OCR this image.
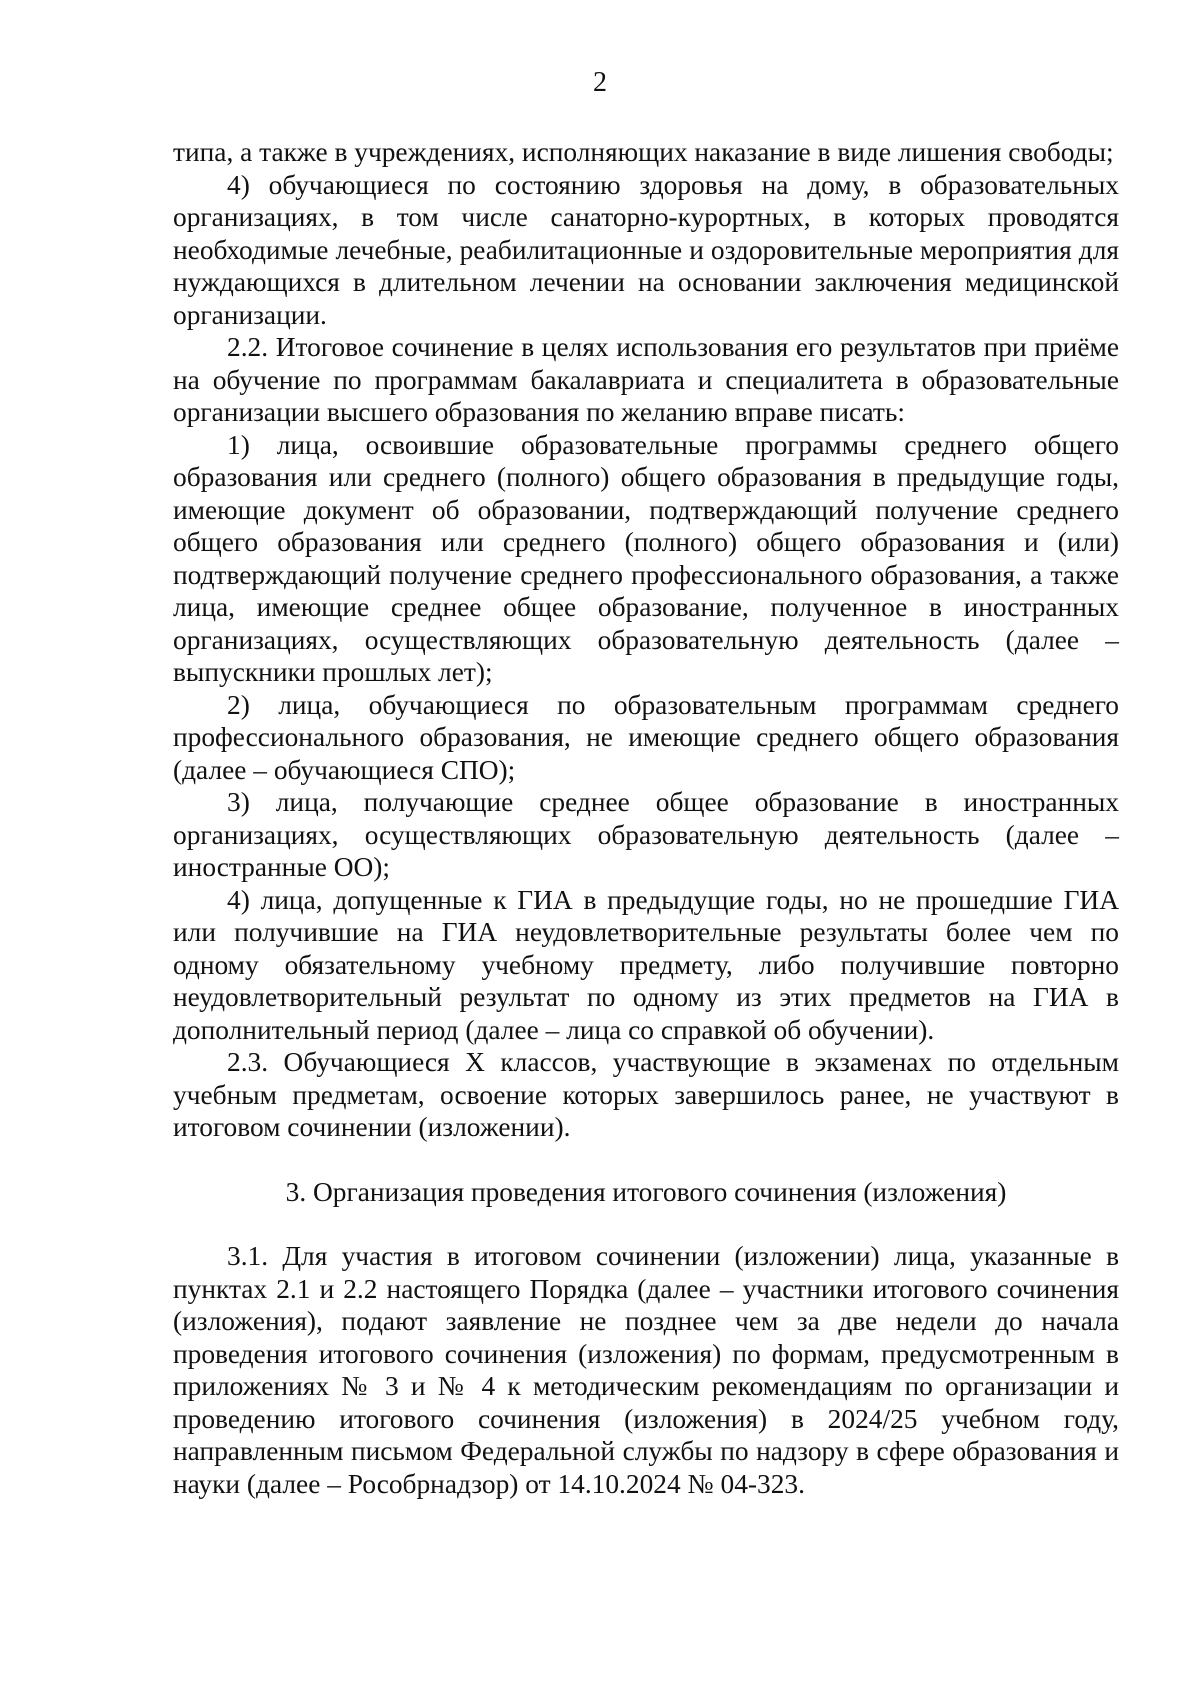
2

типа, а также в учреждениях, исполняющих наказание в виде лишения свободы;

4) обучающиеся по состоянию здоровья на дому, в образовательных организациях, в том числе санаторно-курортных, в которых проводятся необходимые лечебные, реабилитационные и оздоровительные мероприятия для нуждающихся в длительном лечении на основании заключения медицинской организации.

2.2. Итоговое сочинение в целях использования его результатов при приёме на обучение по программам бакалавриата и специалитета в образовательные организации высшего образования по желанию вправе писать:

1) лица, освоившие образовательные программы среднего общего образования или среднего (полного) общего образования в предыдущие годы, имеющие документ об образовании, подтверждающий получение среднего общего образования или среднего (полного) общего образования и (или) подтверждающий получение среднего профессионального образования, а также лица, имеющие среднее общее образование, полученное в иностранных организациях, осуществляющих образовательную деятельность (далее – выпускники прошлых лет);

2) лица, обучающиеся по образовательным программам среднего профессионального образования, не имеющие среднего общего образования (далее – обучающиеся СПО);

3) лица, получающие среднее общее образование в иностранных организациях, осуществляющих образовательную деятельность (далее – иностранные ОО);

4) лица, допущенные к ГИА в предыдущие годы, но не прошедшие ГИА или получившие на ГИА неудовлетворительные результаты более чем по одному обязательному учебному предмету, либо получившие повторно неудовлетворительный результат по одному из этих предметов на ГИА в дополнительный период (далее – лица со справкой об обучении).

2.3. Обучающиеся X классов, участвующие в экзаменах по отдельным учебным предметам, освоение которых завершилось ранее, не участвуют в итоговом сочинении (изложении).

3. Организация проведения итогового сочинения (изложения)

3.1. Для участия в итоговом сочинении (изложении) лица, указанные в пунктах 2.1 и 2.2 настоящего Порядка (далее – участники итогового сочинения (изложения), подают заявление не позднее чем за две недели до начала проведения итогового сочинения (изложения) по формам, предусмотренным в приложениях № 3 и № 4 к методическим рекомендациям по организации и проведению итогового сочинения (изложения) в 2024/25 учебном году, направленным письмом Федеральной службы по надзору в сфере образования и науки (далее – Рособрнадзор) от 14.10.2024 № 04-323.
